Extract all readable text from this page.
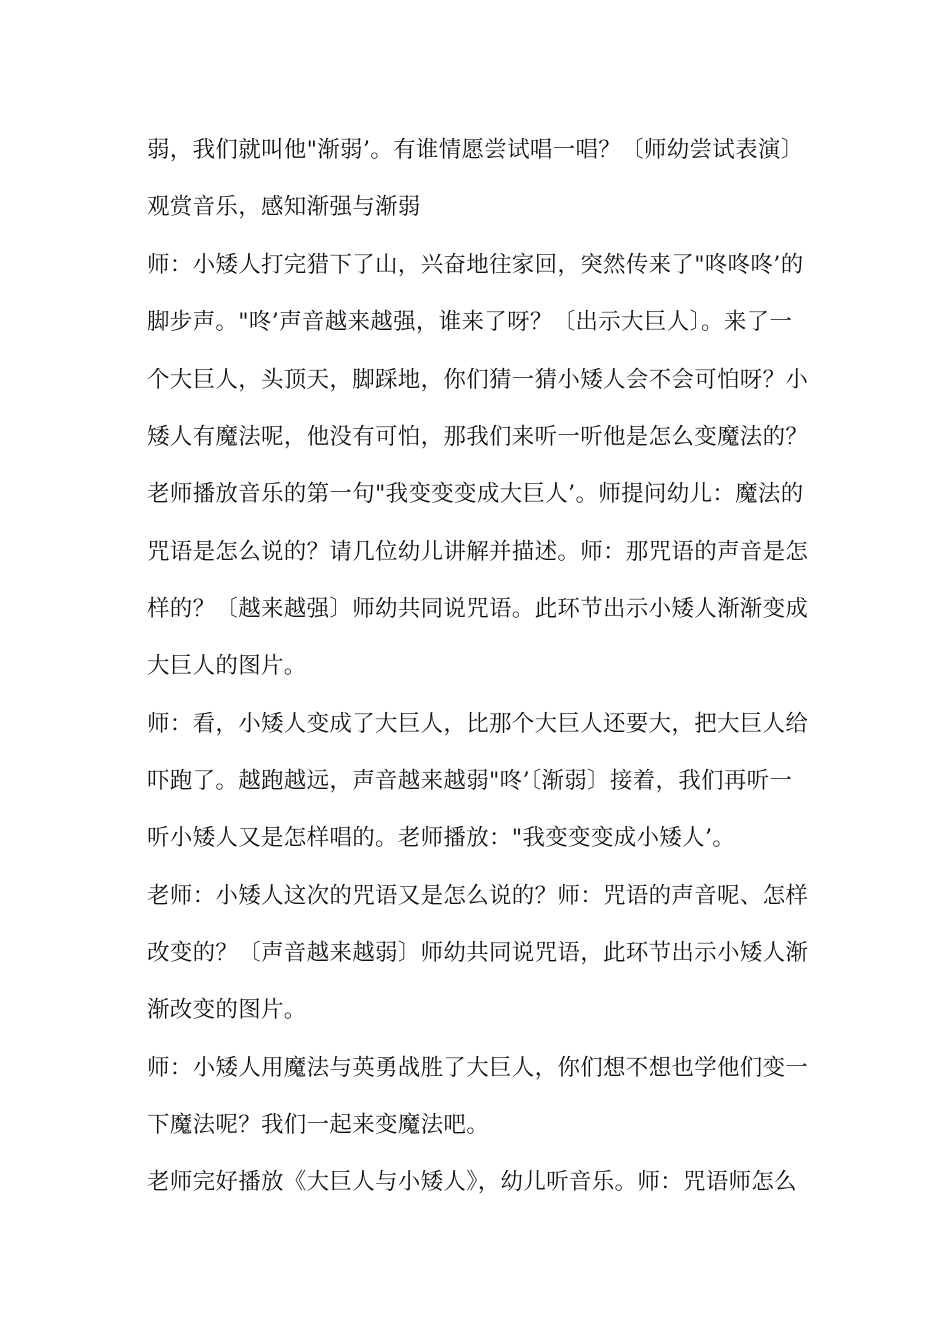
弱，我们就叫他"渐弱’。有谁情愿尝试唱一唱？〔师幼尝试表演〕
观赏音乐，感知渐强与渐弱
师：小矮人打完猎下了山，兴奋地往家回，突然传来了"咚咚咚’的
脚步声。"咚’声音越来越强，谁来了呀？〔出示大巨人〕。来了一
个大巨人，头顶天，脚踩地，你们猜一猜小矮人会不会可怕呀？小
矮人有魔法呢，他没有可怕，那我们来听一听他是怎么变魔法的？
老师播放音乐的第一句"我变变变成大巨人’。师提问幼儿：魔法的
咒语是怎么说的？请几位幼儿讲解并描述。师：那咒语的声音是怎
样的？〔越来越强〕师幼共同说咒语。此环节出示小矮人渐渐变成
大巨人的图片。
师：看，小矮人变成了大巨人，比那个大巨人还要大，把大巨人给
吓跑了。越跑越远，声音越来越弱"咚’〔渐弱〕接着，我们再听一
听小矮人又是怎样唱的。老师播放："我变变变成小矮人’。
老师：小矮人这次的咒语又是怎么说的？师：咒语的声音呢、怎样
改变的？〔声音越来越弱〕师幼共同说咒语，此环节出示小矮人渐
渐改变的图片。
师：小矮人用魔法与英勇战胜了大巨人，你们想不想也学他们变一
下魔法呢？我们一起来变魔法吧。
老师完好播放《大巨人与小矮人》，幼儿听音乐。师：咒语师怎么
